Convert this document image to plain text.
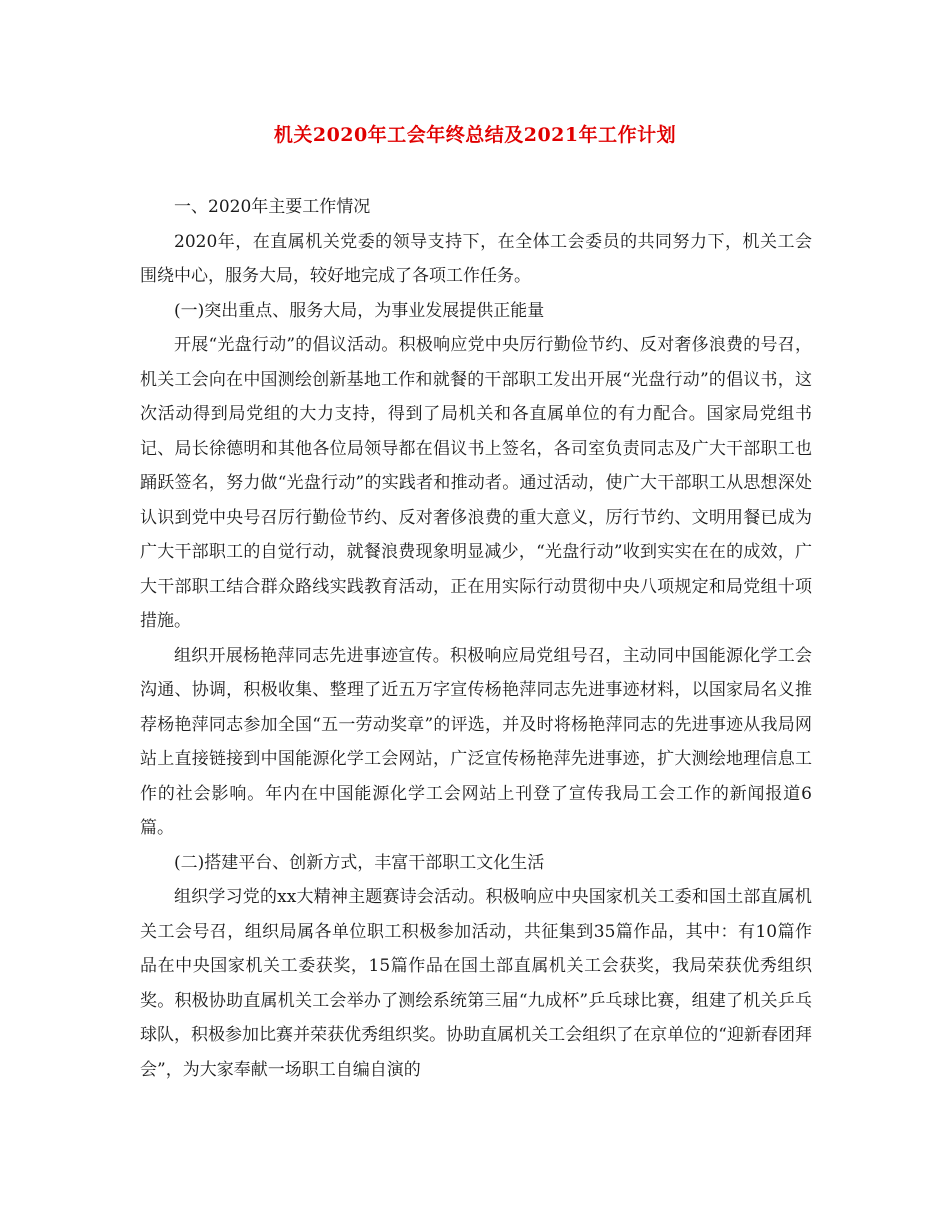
机关2020年工会年终总结及2021年工作计划

一、2020年主要工作情况

2020年，在直属机关党委的领导支持下，在全体工会委员的共同努力下，机关工会围绕中心，服务大局，较好地完成了各项工作任务。

(一)突出重点、服务大局，为事业发展提供正能量

开展“光盘行动”的倡议活动。积极响应党中央厉行勤俭节约、反对奢侈浪费的号召，机关工会向在中国测绘创新基地工作和就餐的干部职工发出开展“光盘行动”的倡议书，这次活动得到局党组的大力支持，得到了局机关和各直属单位的有力配合。国家局党组书记、局长徐德明和其他各位局领导都在倡议书上签名，各司室负责同志及广大干部职工也踊跃签名，努力做“光盘行动”的实践者和推动者。通过活动，使广大干部职工从思想深处认识到党中央号召厉行勤俭节约、反对奢侈浪费的重大意义，厉行节约、文明用餐已成为广大干部职工的自觉行动，就餐浪费现象明显减少，“光盘行动”收到实实在在的成效，广大干部职工结合群众路线实践教育活动，正在用实际行动贯彻中央八项规定和局党组十项措施。

组织开展杨艳萍同志先进事迹宣传。积极响应局党组号召，主动同中国能源化学工会沟通、协调，积极收集、整理了近五万字宣传杨艳萍同志先进事迹材料，以国家局名义推荐杨艳萍同志参加全国“五一劳动奖章”的评选，并及时将杨艳萍同志的先进事迹从我局网站上直接链接到中国能源化学工会网站，广泛宣传杨艳萍先进事迹，扩大测绘地理信息工作的社会影响。年内在中国能源化学工会网站上刊登了宣传我局工会工作的新闻报道6篇。

(二)搭建平台、创新方式，丰富干部职工文化生活

组织学习党的xx大精神主题赛诗会活动。积极响应中央国家机关工委和国土部直属机关工会号召，组织局属各单位职工积极参加活动，共征集到35篇作品，其中：有10篇作品在中央国家机关工委获奖，15篇作品在国土部直属机关工会获奖，我局荣获优秀组织奖。积极协助直属机关工会举办了测绘系统第三届“九成杯”乒乓球比赛，组建了机关乒乓球队，积极参加比赛并荣获优秀组织奖。协助直属机关工会组织了在京单位的“迎新春团拜会”，为大家奉献一场职工自编自演的
